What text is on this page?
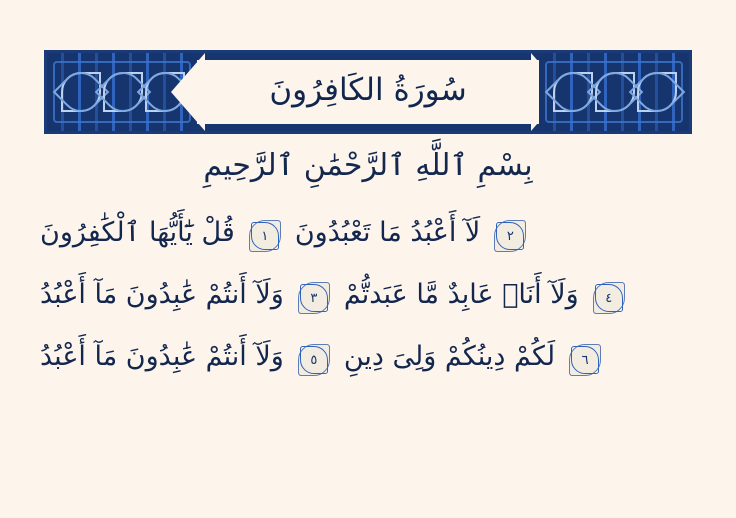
سُورَةُ الكَافِرُونَ
بِسْمِ ٱللَّهِ ٱلرَّحْمَٰنِ ٱلرَّحِيمِ
قُلْ يَٰٓأَيُّهَا ٱلْكَٰفِرُونَ ١ لَآ أَعْبُدُ مَا تَعْبُدُونَ ٢
وَلَآ أَنتُمْ عَٰبِدُونَ مَآ أَعْبُدُ ٣ وَلَآ أَنَا۠ عَابِدٌ مَّا عَبَدتُّمْ ٤
وَلَآ أَنتُمْ عَٰبِدُونَ مَآ أَعْبُدُ ٥ لَكُمْ دِينُكُمْ وَلِىَ دِينِ ٦
